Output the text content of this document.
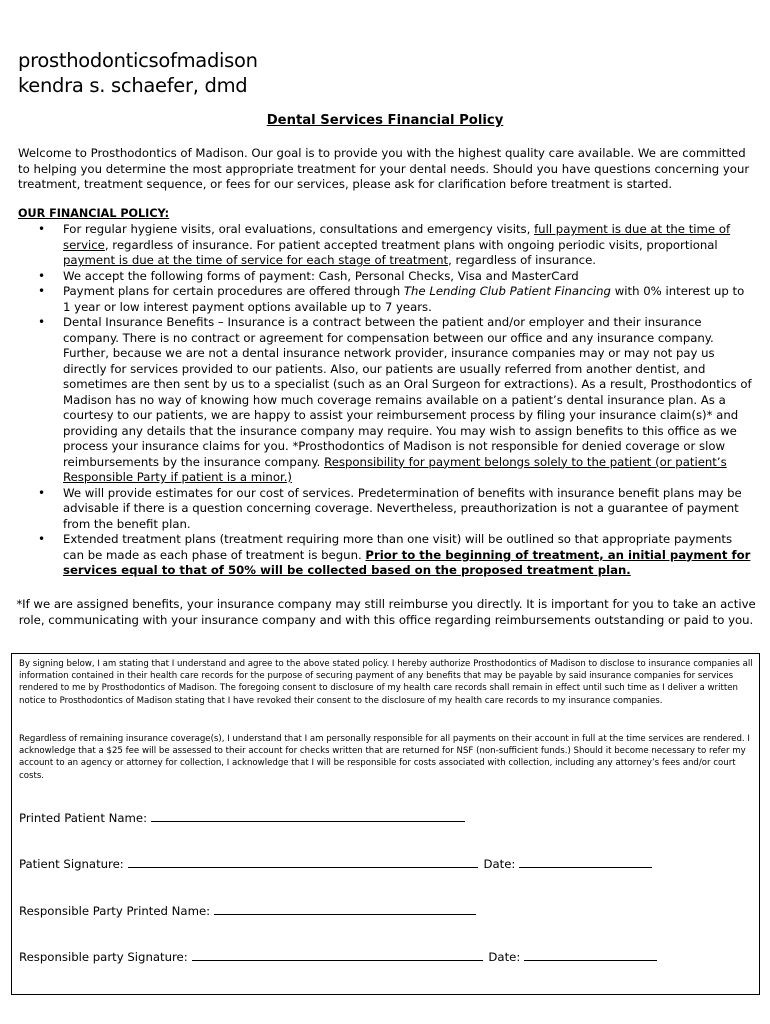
prosthodonticsofmadison
kendra s. schaefer, dmd
Dental Services Financial Policy
Welcome to Prosthodontics of Madison. Our goal is to provide you with the highest quality care available. We are committed to helping you determine the most appropriate treatment for your dental needs. Should you have questions concerning your treatment, treatment sequence, or fees for our services, please ask for clarification before treatment is started.
OUR FINANCIAL POLICY:
• For regular hygiene visits, oral evaluations, consultations and emergency visits, full payment is due at the time of service, regardless of insurance. For patient accepted treatment plans with ongoing periodic visits, proportional payment is due at the time of service for each stage of treatment, regardless of insurance.
• We accept the following forms of payment: Cash, Personal Checks, Visa and MasterCard
• Payment plans for certain procedures are offered through The Lending Club Patient Financing with 0% interest up to 1 year or low interest payment options available up to 7 years.
• Dental Insurance Benefits – Insurance is a contract between the patient and/or employer and their insurance company. There is no contract or agreement for compensation between our office and any insurance company. Further, because we are not a dental insurance network provider, insurance companies may or may not pay us directly for services provided to our patients. Also, our patients are usually referred from another dentist, and sometimes are then sent by us to a specialist (such as an Oral Surgeon for extractions). As a result, Prosthodontics of Madison has no way of knowing how much coverage remains available on a patient’s dental insurance plan. As a courtesy to our patients, we are happy to assist your reimbursement process by filing your insurance claim(s)* and providing any details that the insurance company may require. You may wish to assign benefits to this office as we process your insurance claims for you. *Prosthodontics of Madison is not responsible for denied coverage or slow reimbursements by the insurance company. Responsibility for payment belongs solely to the patient (or patient’s Responsible Party if patient is a minor.)
• We will provide estimates for our cost of services. Predetermination of benefits with insurance benefit plans may be advisable if there is a question concerning coverage. Nevertheless, preauthorization is not a guarantee of payment from the benefit plan.
• Extended treatment plans (treatment requiring more than one visit) will be outlined so that appropriate payments can be made as each phase of treatment is begun. Prior to the beginning of treatment, an initial payment for services equal to that of 50% will be collected based on the proposed treatment plan.
*If we are assigned benefits, your insurance company may still reimburse you directly. It is important for you to take an active role, communicating with your insurance company and with this office regarding reimbursements outstanding or paid to you.
By signing below, I am stating that I understand and agree to the above stated policy. I hereby authorize Prosthodontics of Madison to disclose to insurance companies all information contained in their health care records for the purpose of securing payment of any benefits that may be payable by said insurance companies for services rendered to me by Prosthodontics of Madison. The foregoing consent to disclosure of my health care records shall remain in effect until such time as I deliver a written notice to Prosthodontics of Madison stating that I have revoked their consent to the disclosure of my health care records to my insurance companies.
Regardless of remaining insurance coverage(s), I understand that I am personally responsible for all payments on their account in full at the time services are rendered. I acknowledge that a $25 fee will be assessed to their account for checks written that are returned for NSF (non-sufficient funds.) Should it become necessary to refer my account to an agency or attorney for collection, I acknowledge that I will be responsible for costs associated with collection, including any attorney’s fees and/or court costs.
Printed Patient Name:
Patient Signature:	Date:
Responsible Party Printed Name:
Responsible party Signature:	Date:
